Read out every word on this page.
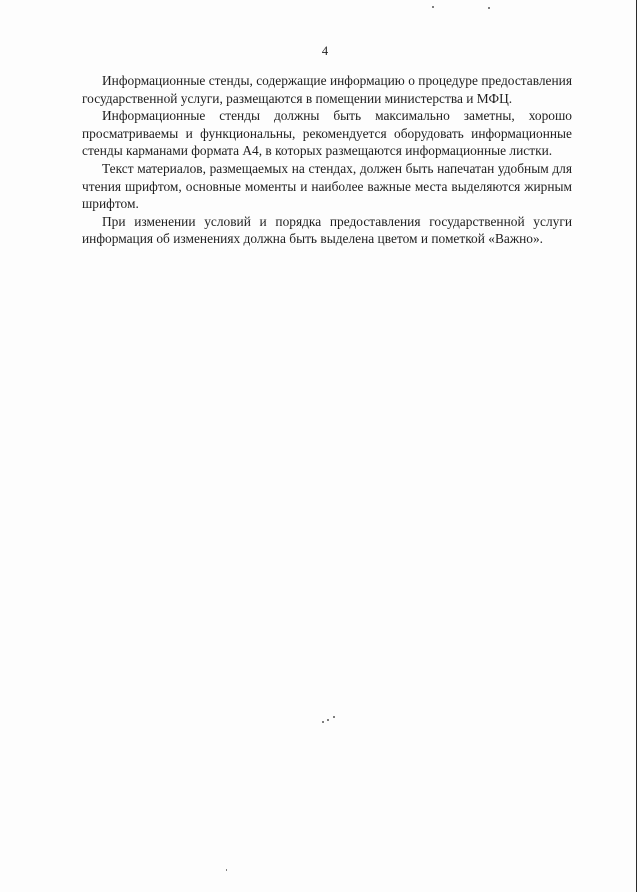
4

Информационные стенды, содержащие информацию о процедуре предоставления государственной услуги, размещаются в помещении министерства и МФЦ.

Информационные стенды должны быть максимально заметны, хорошо просматриваемы и функциональны, рекомендуется оборудовать информационные стенды карманами формата А4, в которых размещаются информационные листки.

Текст материалов, размещаемых на стендах, должен быть напечатан удобным для чтения шрифтом, основные моменты и наиболее важные места выделяются жирным шрифтом.

При изменении условий и порядка предоставления государственной услуги информация об изменениях должна быть выделена цветом и пометкой «Важно».
